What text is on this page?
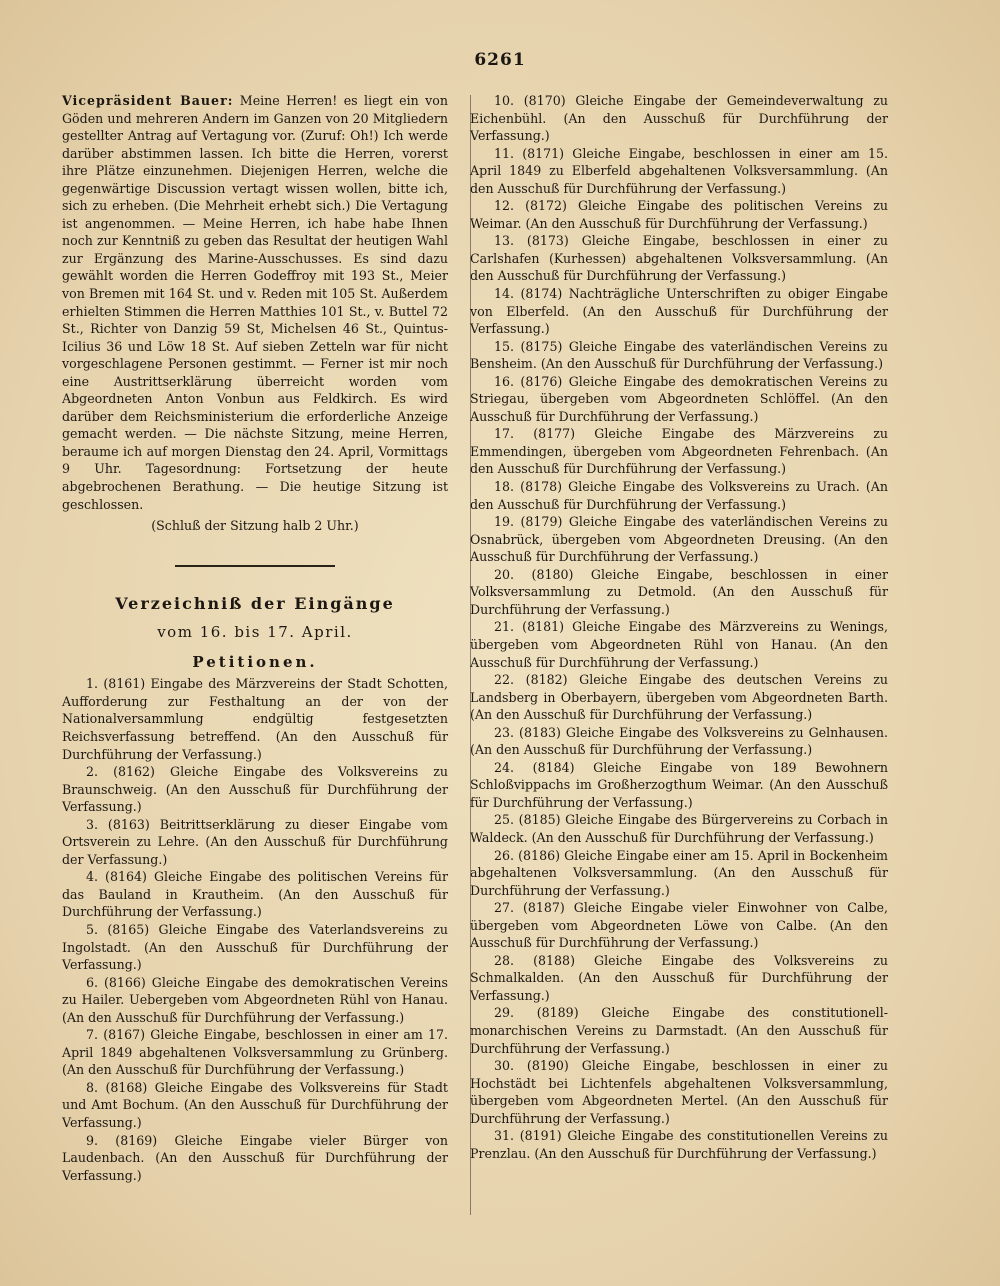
6261

Vicepräsident Bauer: Meine Herren! es liegt ein von Göden und mehreren Andern im Ganzen von 20 Mitgliedern gestellter Antrag auf Vertagung vor. (Zuruf: Oh!) Ich werde darüber abstimmen lassen. Ich bitte die Herren, vorerst ihre Plätze einzunehmen. Diejenigen Herren, welche die gegenwärtige Discussion vertagt wissen wollen, bitte ich, sich zu erheben. (Die Mehrheit erhebt sich.) Die Vertagung ist angenommen. — Meine Herren, ich habe habe Ihnen noch zur Kenntniß zu geben das Resultat der heutigen Wahl zur Ergänzung des Marine-Ausschusses. Es sind dazu gewählt worden die Herren Godeffroy mit 193 St., Meier von Bremen mit 164 St. und v. Reden mit 105 St. Außerdem erhielten Stimmen die Herren Matthies 101 St., v. Buttel 72 St., Richter von Danzig 59 St, Michelsen 46 St., Quintus-Icilius 36 und Löw 18 St. Auf sieben Zetteln war für nicht vorgeschlagene Personen gestimmt. — Ferner ist mir noch eine Austrittserklärung überreicht worden vom Abgeordneten Anton Vonbun aus Feldkirch. Es wird darüber dem Reichsministerium die erforderliche Anzeige gemacht werden. — Die nächste Sitzung, meine Herren, beraume ich auf morgen Dienstag den 24. April, Vormittags 9 Uhr. Tagesordnung: Fortsetzung der heute abgebrochenen Berathung. — Die heutige Sitzung ist geschlossen.

(Schluß der Sitzung halb 2 Uhr.)

Verzeichniß der Eingänge

vom 16. bis 17. April.

Petitionen.

1. (8161) Eingabe des Märzvereins der Stadt Schotten, Aufforderung zur Festhaltung an der von der Nationalversammlung endgültig festgesetzten Reichsverfassung betreffend. (An den Ausschuß für Durchführung der Verfassung.)

2. (8162) Gleiche Eingabe des Volksvereins zu Braunschweig. (An den Ausschuß für Durchführung der Verfassung.)

3. (8163) Beitrittserklärung zu dieser Eingabe vom Ortsverein zu Lehre. (An den Ausschuß für Durchführung der Verfassung.)

4. (8164) Gleiche Eingabe des politischen Vereins für das Bauland in Krautheim. (An den Ausschuß für Durchführung der Verfassung.)

5. (8165) Gleiche Eingabe des Vaterlandsvereins zu Ingolstadt. (An den Ausschuß für Durchführung der Verfassung.)

6. (8166) Gleiche Eingabe des demokratischen Vereins zu Hailer. Uebergeben vom Abgeordneten Rühl von Hanau. (An den Ausschuß für Durchführung der Verfassung.)

7. (8167) Gleiche Eingabe, beschlossen in einer am 17. April 1849 abgehaltenen Volksversammlung zu Grünberg. (An den Ausschuß für Durchführung der Verfassung.)

8. (8168) Gleiche Eingabe des Volksvereins für Stadt und Amt Bochum. (An den Ausschuß für Durchführung der Verfassung.)

9. (8169) Gleiche Eingabe vieler Bürger von Laudenbach. (An den Ausschuß für Durchführung der Verfassung.)

10. (8170) Gleiche Eingabe der Gemeindeverwaltung zu Eichenbühl. (An den Ausschuß für Durchführung der Verfassung.)

11. (8171) Gleiche Eingabe, beschlossen in einer am 15. April 1849 zu Elberfeld abgehaltenen Volksversammlung. (An den Ausschuß für Durchführung der Verfassung.)

12. (8172) Gleiche Eingabe des politischen Vereins zu Weimar. (An den Ausschuß für Durchführung der Verfassung.)

13. (8173) Gleiche Eingabe, beschlossen in einer zu Carlshafen (Kurhessen) abgehaltenen Volksversammlung. (An den Ausschuß für Durchführung der Verfassung.)

14. (8174) Nachträgliche Unterschriften zu obiger Eingabe von Elberfeld. (An den Ausschuß für Durchführung der Verfassung.)

15. (8175) Gleiche Eingabe des vaterländischen Vereins zu Bensheim. (An den Ausschuß für Durchführung der Verfassung.)

16. (8176) Gleiche Eingabe des demokratischen Vereins zu Striegau, übergeben vom Abgeordneten Schlöffel. (An den Ausschuß für Durchführung der Verfassung.)

17. (8177) Gleiche Eingabe des Märzvereins zu Emmendingen, übergeben vom Abgeordneten Fehrenbach. (An den Ausschuß für Durchführung der Verfassung.)

18. (8178) Gleiche Eingabe des Volksvereins zu Urach. (An den Ausschuß für Durchführung der Verfassung.)

19. (8179) Gleiche Eingabe des vaterländischen Vereins zu Osnabrück, übergeben vom Abgeordneten Dreusing. (An den Ausschuß für Durchführung der Verfassung.)

20. (8180) Gleiche Eingabe, beschlossen in einer Volksversammlung zu Detmold. (An den Ausschuß für Durchführung der Verfassung.)

21. (8181) Gleiche Eingabe des Märzvereins zu Wenings, übergeben vom Abgeordneten Rühl von Hanau. (An den Ausschuß für Durchführung der Verfassung.)

22. (8182) Gleiche Eingabe des deutschen Vereins zu Landsberg in Oberbayern, übergeben vom Abgeordneten Barth. (An den Ausschuß für Durchführung der Verfassung.)

23. (8183) Gleiche Eingabe des Volksvereins zu Gelnhausen. (An den Ausschuß für Durchführung der Verfassung.)

24. (8184) Gleiche Eingabe von 189 Bewohnern Schloßvippachs im Großherzogthum Weimar. (An den Ausschuß für Durchführung der Verfassung.)

25. (8185) Gleiche Eingabe des Bürgervereins zu Corbach in Waldeck. (An den Ausschuß für Durchführung der Verfassung.)

26. (8186) Gleiche Eingabe einer am 15. April in Bockenheim abgehaltenen Volksversammlung. (An den Ausschuß für Durchführung der Verfassung.)

27. (8187) Gleiche Eingabe vieler Einwohner von Calbe, übergeben vom Abgeordneten Löwe von Calbe. (An den Ausschuß für Durchführung der Verfassung.)

28. (8188) Gleiche Eingabe des Volksvereins zu Schmalkalden. (An den Ausschuß für Durchführung der Verfassung.)

29. (8189) Gleiche Eingabe des constitutionell-monarchischen Vereins zu Darmstadt. (An den Ausschuß für Durchführung der Verfassung.)

30. (8190) Gleiche Eingabe, beschlossen in einer zu Hochstädt bei Lichtenfels abgehaltenen Volksversammlung, übergeben vom Abgeordneten Mertel. (An den Ausschuß für Durchführung der Verfassung.)

31. (8191) Gleiche Eingabe des constitutionellen Vereins zu Prenzlau. (An den Ausschuß für Durchführung der Verfassung.)
